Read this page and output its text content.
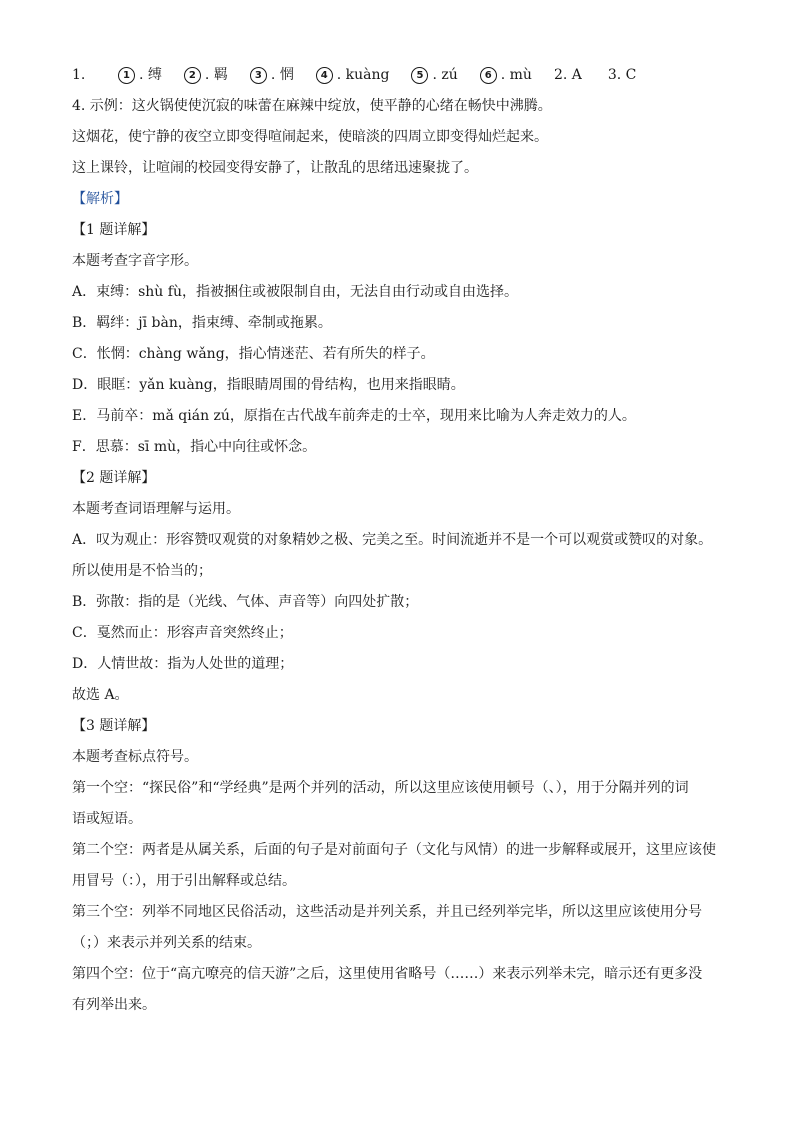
1.	1 . 缚	2 . 羁	3 . 惘	4 . kuàng	5 . zú	6 . mù 2. A 3. C
4. 示例：这火锅使使沉寂的味蕾在麻辣中绽放，使平静的心绪在畅快中沸腾。
这烟花，使宁静的夜空立即变得喧闹起来，使暗淡的四周立即变得灿烂起来。
这上课铃，让喧闹的校园变得安静了，让散乱的思绪迅速聚拢了。
【解析】
【1 题详解】
本题考查字音字形。
A．束缚：shù fù，指被捆住或被限制自由，无法自由行动或自由选择。
B．羁绊：jī bàn，指束缚、牵制或拖累。
C．怅惘：chàng wǎng，指心情迷茫、若有所失的样子。
D．眼眶：yǎn kuàng，指眼睛周围的骨结构，也用来指眼睛。
E．马前卒：mǎ qián zú，原指在古代战车前奔走的士卒，现用来比喻为人奔走效力的人。
F．思慕：sī mù，指心中向往或怀念。
【2 题详解】
本题考查词语理解与运用。
A．叹为观止：形容赞叹观赏的对象精妙之极、完美之至。时间流逝并不是一个可以观赏或赞叹的对象。
所以使用是不恰当的；
B．弥散：指的是（光线、气体、声音等）向四处扩散；
C．戛然而止：形容声音突然终止；
D．人情世故：指为人处世的道理；
故选 A。
【3 题详解】
本题考查标点符号。
第一个空：“探民俗”和“学经典”是两个并列的活动，所以这里应该使用顿号（、），用于分隔并列的词
语或短语。
第二个空：两者是从属关系，后面的句子是对前面句子（文化与风情）的进一步解释或展开，这里应该使
用冒号（：），用于引出解释或总结。
第三个空：列举不同地区民俗活动，这些活动是并列关系，并且已经列举完毕，所以这里应该使用分号
（；）来表示并列关系的结束。
第四个空：位于“高亢嘹亮的信天游”之后，这里使用省略号（……）来表示列举未完，暗示还有更多没
有列举出来。
